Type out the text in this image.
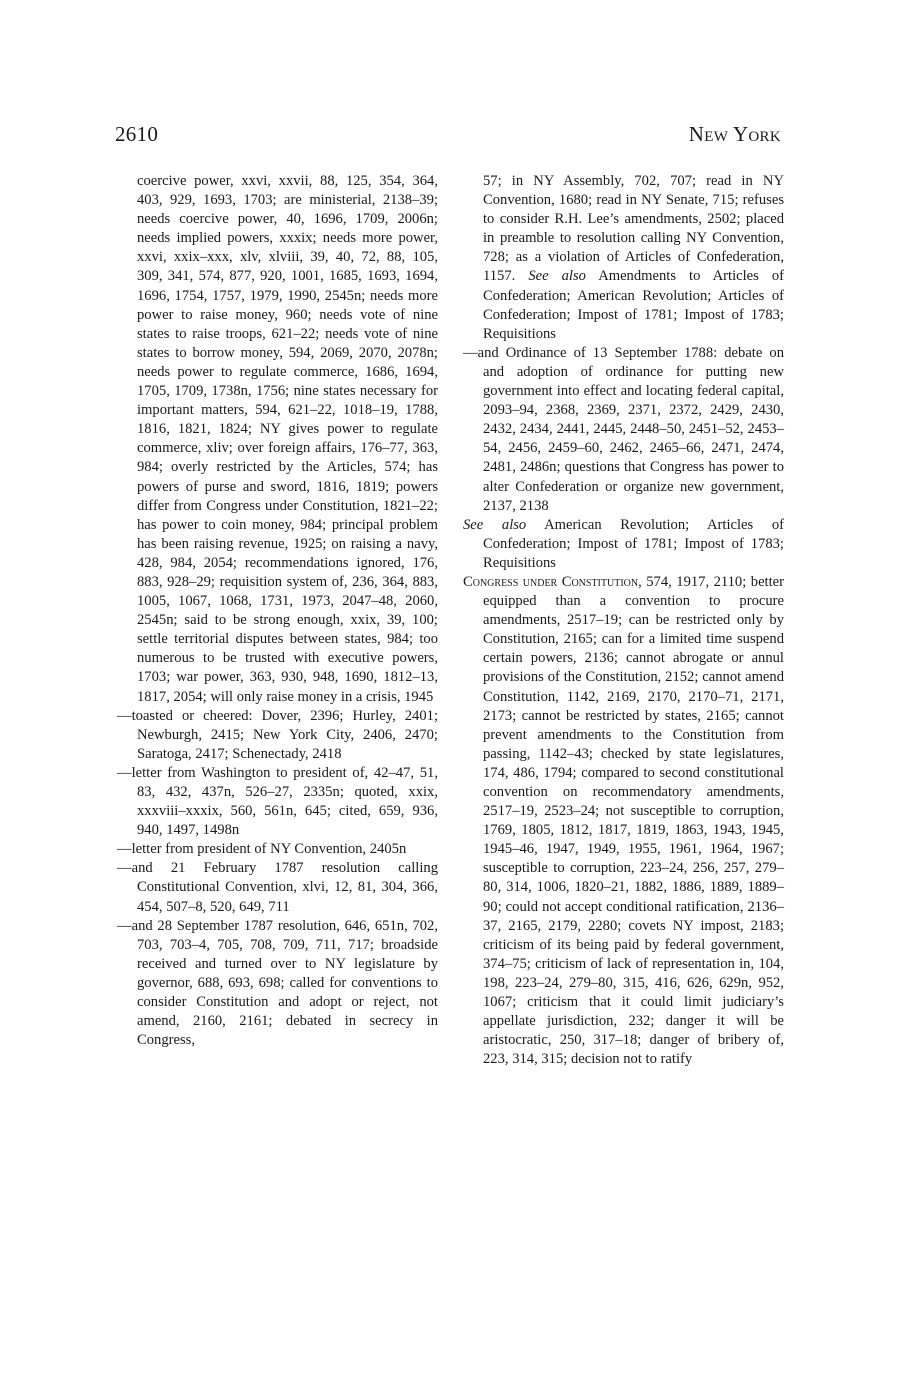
2610	New York

coercive power, xxvi, xxvii, 88, 125, 354, 364, 403, 929, 1693, 1703; are ministerial, 2138–39; needs coercive power, 40, 1696, 1709, 2006n; needs implied powers, xxxix; needs more power, xxvi, xxix–xxx, xlv, xlviii, 39, 40, 72, 88, 105, 309, 341, 574, 877, 920, 1001, 1685, 1693, 1694, 1696, 1754, 1757, 1979, 1990, 2545n; needs more power to raise money, 960; needs vote of nine states to raise troops, 621–22; needs vote of nine states to borrow money, 594, 2069, 2070, 2078n; needs power to regulate commerce, 1686, 1694, 1705, 1709, 1738n, 1756; nine states necessary for important matters, 594, 621–22, 1018–19, 1788, 1816, 1821, 1824; NY gives power to regulate commerce, xliv; over foreign affairs, 176–77, 363, 984; overly restricted by the Articles, 574; has powers of purse and sword, 1816, 1819; powers differ from Congress under Constitution, 1821–22; has power to coin money, 984; principal problem has been raising revenue, 1925; on raising a navy, 428, 984, 2054; recommendations ignored, 176, 883, 928–29; requisition system of, 236, 364, 883, 1005, 1067, 1068, 1731, 1973, 2047–48, 2060, 2545n; said to be strong enough, xxix, 39, 100; settle territorial disputes between states, 984; too numerous to be trusted with executive powers, 1703; war power, 363, 930, 948, 1690, 1812–13, 1817, 2054; will only raise money in a crisis, 1945

—toasted or cheered: Dover, 2396; Hurley, 2401; Newburgh, 2415; New York City, 2406, 2470; Saratoga, 2417; Schenectady, 2418

—letter from Washington to president of, 42–47, 51, 83, 432, 437n, 526–27, 2335n; quoted, xxix, xxxviii–xxxix, 560, 561n, 645; cited, 659, 936, 940, 1497, 1498n

—letter from president of NY Convention, 2405n

—and 21 February 1787 resolution calling Constitutional Convention, xlvi, 12, 81, 304, 366, 454, 507–8, 520, 649, 711

—and 28 September 1787 resolution, 646, 651n, 702, 703, 703–4, 705, 708, 709, 711, 717; broadside received and turned over to NY legislature by governor, 688, 693, 698; called for conventions to consider Constitution and adopt or reject, not amend, 2160, 2161; debated in secrecy in Congress,

57; in NY Assembly, 702, 707; read in NY Convention, 1680; read in NY Senate, 715; refuses to consider R.H. Lee’s amendments, 2502; placed in preamble to resolution calling NY Convention, 728; as a violation of Articles of Confederation, 1157. See also Amendments to Articles of Confederation; American Revolution; Articles of Confederation; Impost of 1781; Impost of 1783; Requisitions

—and Ordinance of 13 September 1788: debate on and adoption of ordinance for putting new government into effect and locating federal capital, 2093–94, 2368, 2369, 2371, 2372, 2429, 2430, 2432, 2434, 2441, 2445, 2448–50, 2451–52, 2453–54, 2456, 2459–60, 2462, 2465–66, 2471, 2474, 2481, 2486n; questions that Congress has power to alter Confederation or organize new government, 2137, 2138

See also American Revolution; Articles of Confederation; Impost of 1781; Impost of 1783; Requisitions

Congress under Constitution, 574, 1917, 2110; better equipped than a convention to procure amendments, 2517–19; can be restricted only by Constitution, 2165; can for a limited time suspend certain powers, 2136; cannot abrogate or annul provisions of the Constitution, 2152; cannot amend Constitution, 1142, 2169, 2170, 2170–71, 2171, 2173; cannot be restricted by states, 2165; cannot prevent amendments to the Constitution from passing, 1142–43; checked by state legislatures, 174, 486, 1794; compared to second constitutional convention on recommendatory amendments, 2517–19, 2523–24; not susceptible to corruption, 1769, 1805, 1812, 1817, 1819, 1863, 1943, 1945, 1945–46, 1947, 1949, 1955, 1961, 1964, 1967; susceptible to corruption, 223–24, 256, 257, 279–80, 314, 1006, 1820–21, 1882, 1886, 1889, 1889–90; could not accept conditional ratification, 2136–37, 2165, 2179, 2280; covets NY impost, 2183; criticism of its being paid by federal government, 374–75; criticism of lack of representation in, 104, 198, 223–24, 279–80, 315, 416, 626, 629n, 952, 1067; criticism that it could limit judiciary’s appellate jurisdiction, 232; danger it will be aristocratic, 250, 317–18; danger of bribery of, 223, 314, 315; decision not to ratify
